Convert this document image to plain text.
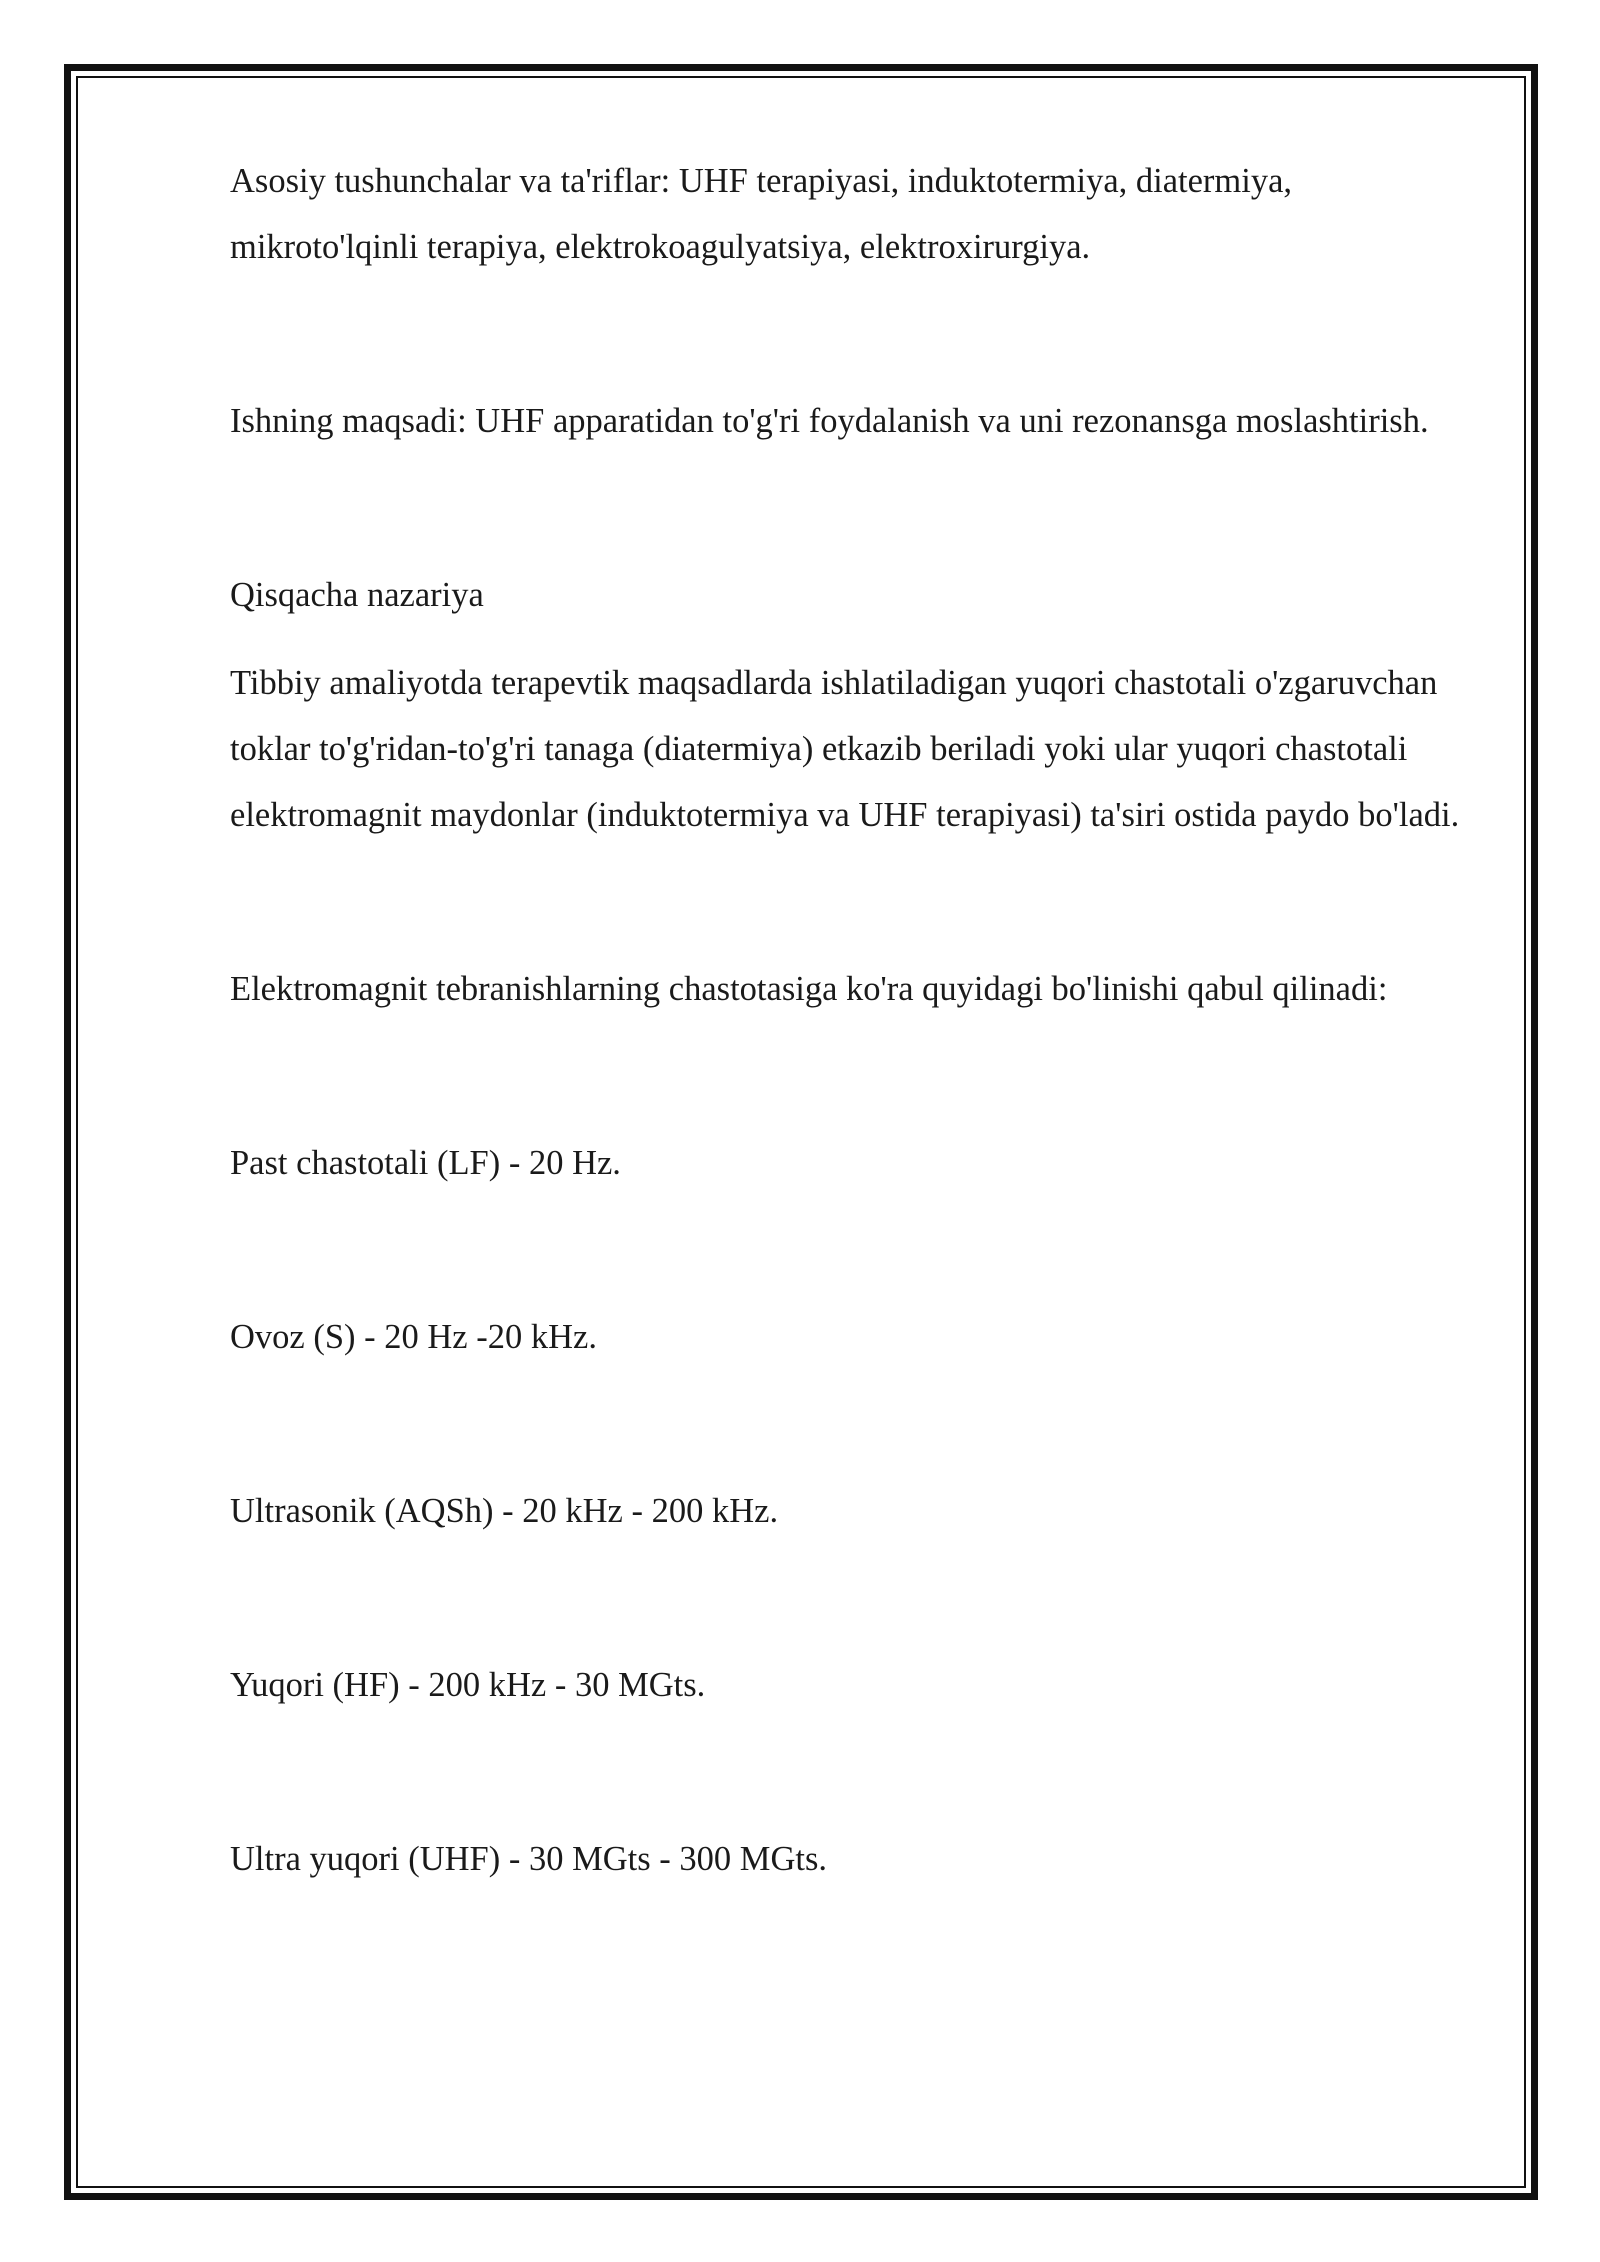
Asosiy tushunchalar va ta'riflar: UHF terapiyasi, induktotermiya, diatermiya, mikroto'lqinli terapiya, elektrokoagulyatsiya, elektroxirurgiya.

Ishning maqsadi: UHF apparatidan to'g'ri foydalanish va uni rezonansga moslashtirish.

Qisqacha nazariya

Tibbiy amaliyotda terapevtik maqsadlarda ishlatiladigan yuqori chastotali o'zgaruvchan toklar to'g'ridan-to'g'ri tanaga (diatermiya) etkazib beriladi yoki ular yuqori chastotali elektromagnit maydonlar (induktotermiya va UHF terapiyasi) ta'siri ostida paydo bo'ladi.

Elektromagnit tebranishlarning chastotasiga ko'ra quyidagi bo'linishi qabul qilinadi:

Past chastotali (LF) - 20 Hz.

Ovoz (S) - 20 Hz -20 kHz.

Ultrasonik (AQSh) - 20 kHz - 200 kHz.

Yuqori (HF) - 200 kHz - 30 MGts.

Ultra yuqori (UHF) - 30 MGts - 300 MGts.
